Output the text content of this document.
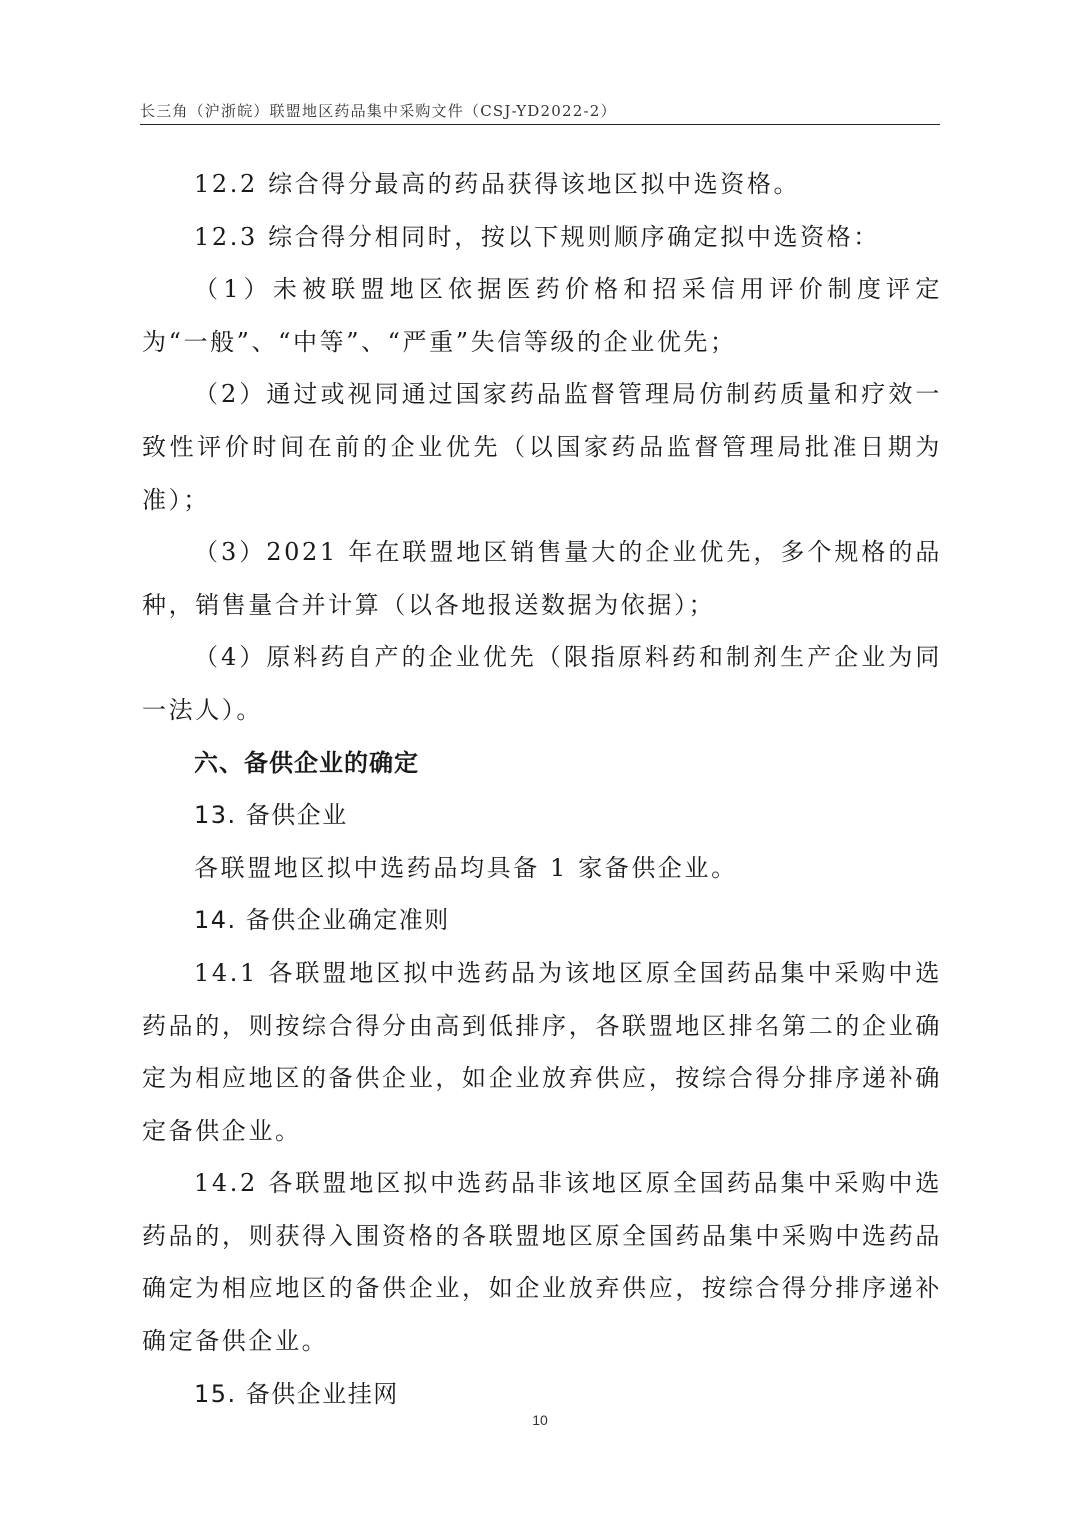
长三角（沪浙皖）联盟地区药品集中采购文件（CSJ-YD2022-2）

12.2 综合得分最高的药品获得该地区拟中选资格。

12.3 综合得分相同时，按以下规则顺序确定拟中选资格：

（1）未被联盟地区依据医药价格和招采信用评价制度评定为“一般”、“中等”、“严重”失信等级的企业优先；

（2）通过或视同通过国家药品监督管理局仿制药质量和疗效一致性评价时间在前的企业优先（以国家药品监督管理局批准日期为准）；

（3）2021 年在联盟地区销售量大的企业优先，多个规格的品种，销售量合并计算（以各地报送数据为依据）；

（4）原料药自产的企业优先（限指原料药和制剂生产企业为同一法人）。

六、备供企业的确定

13. 备供企业

各联盟地区拟中选药品均具备 1 家备供企业。

14. 备供企业确定准则

14.1 各联盟地区拟中选药品为该地区原全国药品集中采购中选药品的，则按综合得分由高到低排序，各联盟地区排名第二的企业确定为相应地区的备供企业，如企业放弃供应，按综合得分排序递补确定备供企业。

14.2 各联盟地区拟中选药品非该地区原全国药品集中采购中选药品的，则获得入围资格的各联盟地区原全国药品集中采购中选药品确定为相应地区的备供企业，如企业放弃供应，按综合得分排序递补确定备供企业。

15. 备供企业挂网

10
